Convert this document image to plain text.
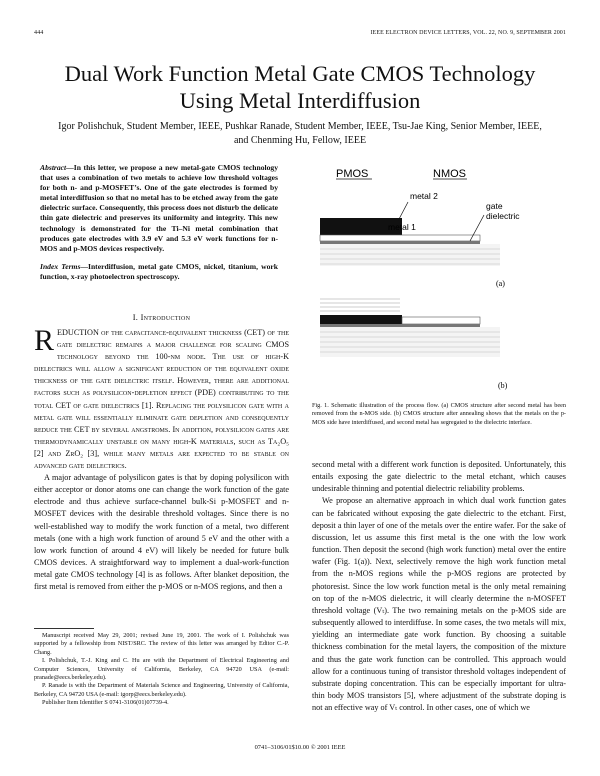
444	IEEE ELECTRON DEVICE LETTERS, VOL. 22, NO. 9, SEPTEMBER 2001
Dual Work Function Metal Gate CMOS Technology
Using Metal Interdiffusion
Igor Polishchuk, Student Member, IEEE, Pushkar Ranade, Student Member, IEEE, Tsu-Jae King, Senior Member, IEEE,
and Chenming Hu, Fellow, IEEE

Abstract—In this letter, we propose a new metal-gate CMOS technology that uses a combination of two metals to achieve low threshold voltages for both n- and p-MOSFET’s. One of the gate electrodes is formed by metal interdiffusion so that no metal has to be etched away from the gate dielectric surface. Consequently, this process does not disturb the delicate thin gate dielectric and preserves its uniformity and integrity. This new technology is demonstrated for the Ti–Ni metal combination that produces gate electrodes with 3.9 eV and 5.3 eV work functions for n-MOS and p-MOS devices respectively.

Index Terms—Interdiffusion, metal gate CMOS, nickel, titanium, work function, x-ray photoelectron spectroscopy.

I. Introduction

REDUCTION of the capacitance-equivalent thickness (CET) of the gate dielectric remains a major challenge for scaling CMOS technology beyond the 100-nm node. The use of high-K dielectrics will allow a significant reduction of the equivalent oxide thickness of the gate dielectric itself. However, there are additional factors such as polysilicon-depletion effect (PDE) contributing to the total CET of gate dielectrics [1]. Replacing the polysilicon gate with a metal gate will essentially eliminate gate depletion and consequently reduce the CET by several angstroms. In addition, polysilicon gates are thermodynamically unstable on many high-K materials, such as Ta₂O₅ [2] and ZrO₂ [3], while many metals are expected to be stable on advanced gate dielectrics.

A major advantage of polysilicon gates is that by doping polysilicon with either acceptor or donor atoms one can change the work function of the gate electrode and thus achieve surface-channel bulk-Si p-MOSFET and n-MOSFET devices with the desirable threshold voltages. Since there is no well-established way to modify the work function of a metal, two different metals (one with a high work function of around 5 eV and the other with a low work function of around 4 eV) will likely be needed for future bulk CMOS devices. A straightforward way to implement a dual-work-function metal gate CMOS technology [4] is as follows. After blanket deposition, the first metal is removed from either the p-MOS or n-MOS regions, and then a

Manuscript received May 29, 2001; revised June 19, 2001. The work of I. Polishchuk was supported by a fellowship from NIST/SRC. The review of this letter was arranged by Editor C.-P. Chang.

I. Polishchuk, T.-J. King and C. Hu are with the Department of Electrical Engineering and Computer Sciences, University of California, Berkeley, CA 94720 USA (e-mail: pranade@eecs.berkeley.edu).

P. Ranade is with the Department of Materials Science and Engineering, University of California, Berkeley, CA 94720 USA (e-mail: igorp@eecs.berkeley.edu).

Publisher Item Identifier S 0741-3106(01)07739-4.

PMOS	NMOS
metal 2
metal 1
gate
dielectric
(a)
(b)
Fig. 1. Schematic illustration of the process flow. (a) CMOS structure after second metal has been removed from the n-MOS side. (b) CMOS structure after annealing shows that the metals on the p-MOS side have interdiffused, and second metal has segregated to the dielectric interface.

second metal with a different work function is deposited. Unfortunately, this entails exposing the gate dielectric to the metal etchant, which causes undesirable thinning and potential dielectric reliability problems.

We propose an alternative approach in which dual work function gates can be fabricated without exposing the gate dielectric to the etchant. First, deposit a thin layer of one of the metals over the entire wafer. For the sake of discussion, let us assume this first metal is the one with the low work function. Then deposit the second (high work function) metal over the entire wafer (Fig. 1(a)). Next, selectively remove the high work function metal from the n-MOS regions while the p-MOS regions are protected by photoresist. Since the low work function metal is the only metal remaining on top of the n-MOS dielectric, it will clearly determine the n-MOSFET threshold voltage (Vₜ). The two remaining metals on the p-MOS side are subsequently allowed to interdiffuse. In some cases, the two metals will mix, yielding an intermediate gate work function. By choosing a suitable thickness combination for the metal layers, the composition of the mixture and thus the gate work function can be controlled. This approach would allow for a continuous tuning of transistor threshold voltages independent of substrate doping concentration. This can be especially important for ultra-thin body MOS transistors [5], where adjustment of the substrate doping is not an effective way of Vₜ control. In other cases, one of which we

0741–3106/01$10.00 © 2001 IEEE
